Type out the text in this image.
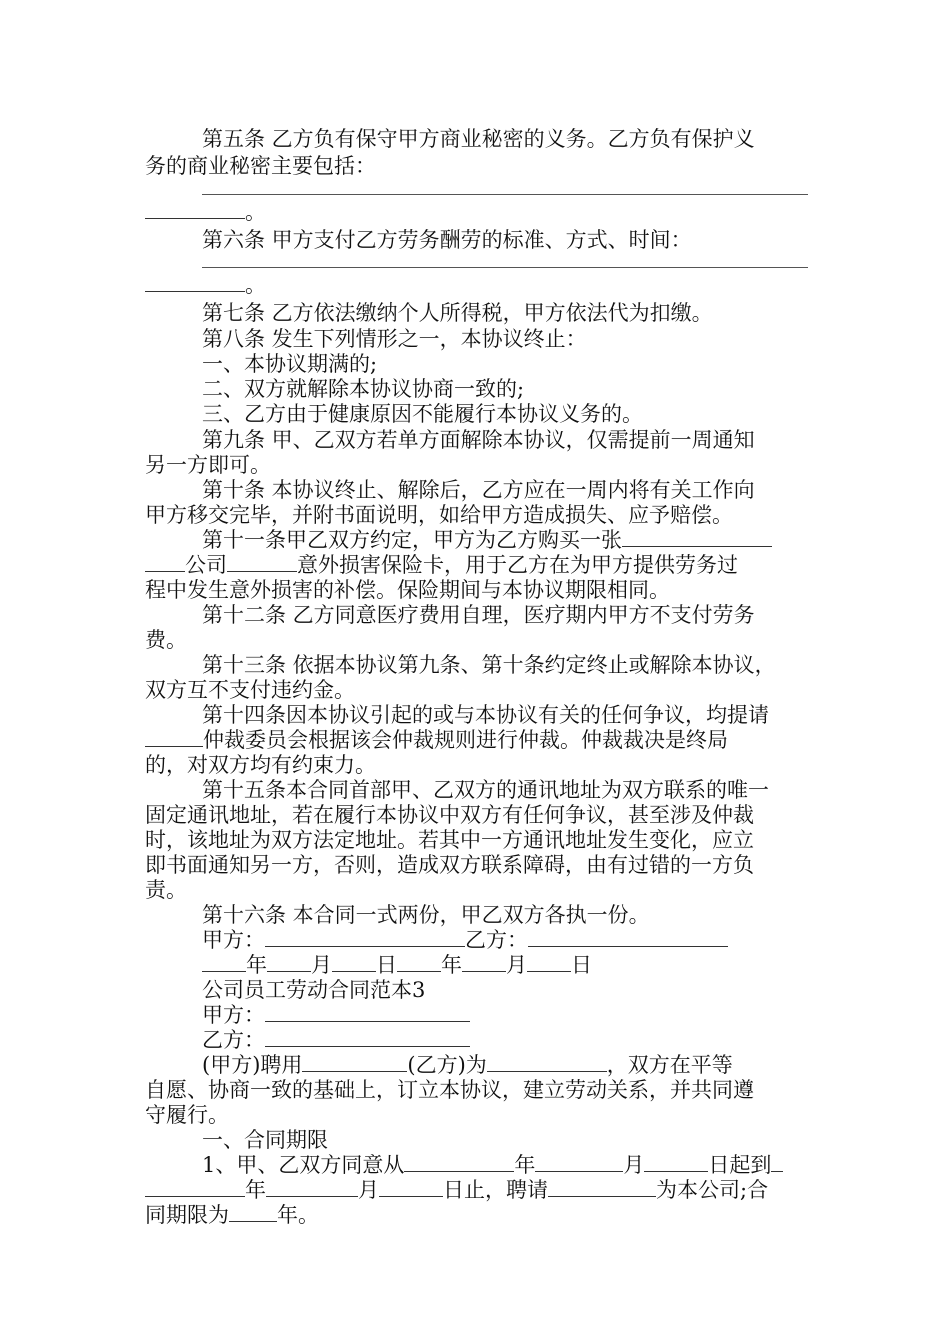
第五条 乙方负有保守甲方商业秘密的义务。乙方负有保护义
务的商业秘密主要包括：
。
第六条 甲方支付乙方劳务酬劳的标准、方式、时间：
。
第七条 乙方依法缴纳个人所得税，甲方依法代为扣缴。
第八条 发生下列情形之一，本协议终止：
一、本协议期满的;
二、双方就解除本协议协商一致的;
三、乙方由于健康原因不能履行本协议义务的。
第九条 甲、乙双方若单方面解除本协议，仅需提前一周通知
另一方即可。
第十条 本协议终止、解除后，乙方应在一周内将有关工作向
甲方移交完毕，并附书面说明，如给甲方造成损失、应予赔偿。
第十一条甲乙双方约定，甲方为乙方购买一张
公司	意外损害保险卡，用于乙方在为甲方提供劳务过
程中发生意外损害的补偿。保险期间与本协议期限相同。
第十二条 乙方同意医疗费用自理，医疗期内甲方不支付劳务
费。
第十三条 依据本协议第九条、第十条约定终止或解除本协议，
双方互不支付违约金。
第十四条因本协议引起的或与本协议有关的任何争议，均提请
仲裁委员会根据该会仲裁规则进行仲裁。仲裁裁决是终局
的，对双方均有约束力。
第十五条本合同首部甲、乙双方的通讯地址为双方联系的唯一
固定通讯地址，若在履行本协议中双方有任何争议，甚至涉及仲裁
时，该地址为双方法定地址。若其中一方通讯地址发生变化，应立
即书面通知另一方，否则，造成双方联系障碍，由有过错的一方负
责。
第十六条 本合同一式两份，甲乙双方各执一份。
甲方：	乙方：
年 月 日 年 月 日
公司员工劳动合同范本3
甲方：
乙方：
(甲方)聘用	(乙方)为	，双方在平等
自愿、协商一致的基础上，订立本协议，建立劳动关系，并共同遵
守履行。
一、合同期限
1、甲、乙双方同意从	年	月	日起到
年	月	日止，聘请	为本公司;合
同期限为 年。
